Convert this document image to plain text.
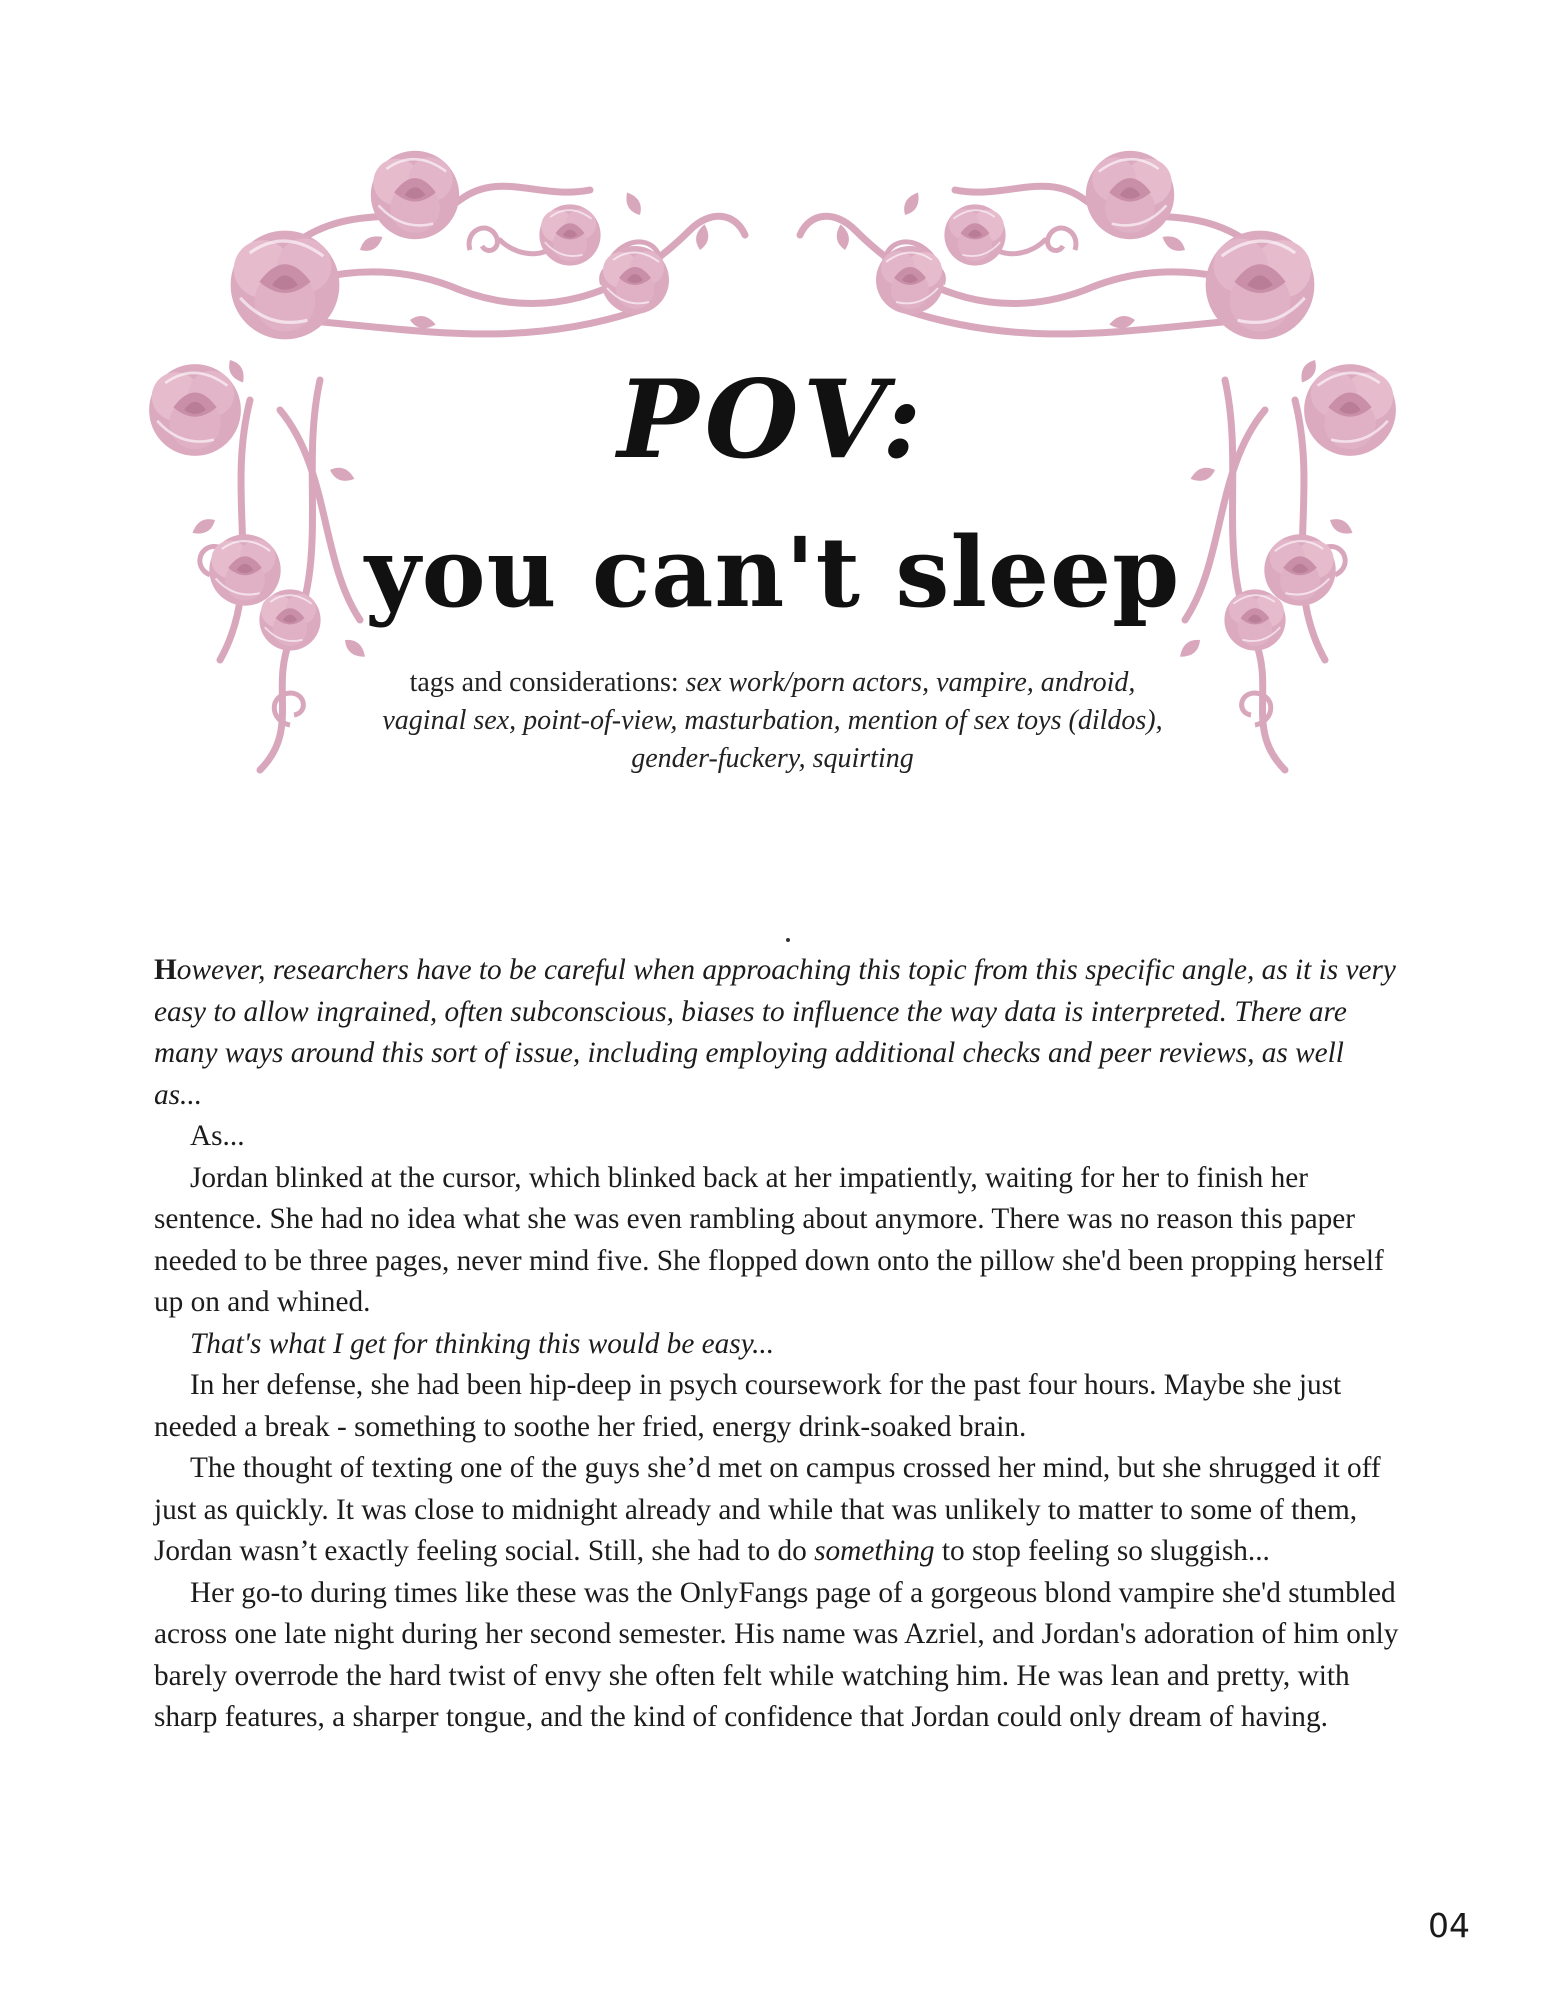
POV:
you can't sleep
tags and considerations: sex work/porn actors, vampire, android, vaginal sex, point-of-view, masturbation, mention of sex toys (dildos), gender-fuckery, squirting

However, researchers have to be careful when approaching this topic from this specific angle, as it is very easy to allow ingrained, often subconscious, biases to influence the way data is interpreted. There are many ways around this sort of issue, including employing additional checks and peer reviews, as well as...

As...

Jordan blinked at the cursor, which blinked back at her impatiently, waiting for her to finish her sentence. She had no idea what she was even rambling about anymore. There was no reason this paper needed to be three pages, never mind five. She flopped down onto the pillow she'd been propping herself up on and whined.

That's what I get for thinking this would be easy...

In her defense, she had been hip-deep in psych coursework for the past four hours. Maybe she just needed a break - something to soothe her fried, energy drink-soaked brain.

The thought of texting one of the guys she’d met on campus crossed her mind, but she shrugged it off just as quickly. It was close to midnight already and while that was unlikely to matter to some of them, Jordan wasn’t exactly feeling social. Still, she had to do something to stop feeling so sluggish...

Her go-to during times like these was the OnlyFangs page of a gorgeous blond vampire she'd stumbled across one late night during her second semester. His name was Azriel, and Jordan's adoration of him only barely overrode the hard twist of envy she often felt while watching him. He was lean and pretty, with sharp features, a sharper tongue, and the kind of confidence that Jordan could only dream of having.

04
